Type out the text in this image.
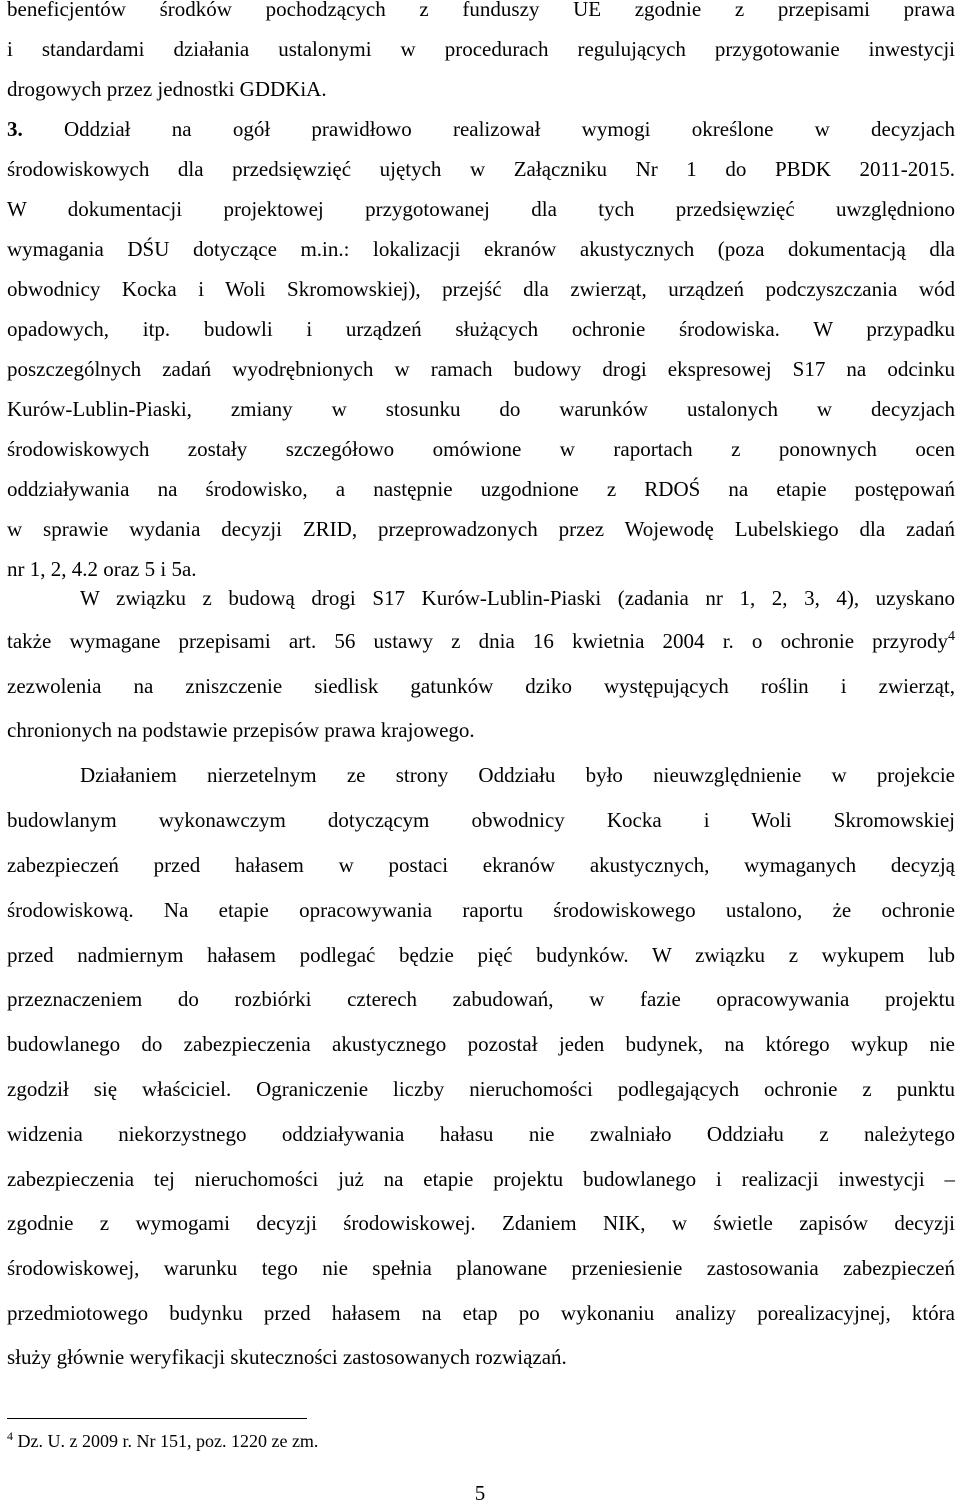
beneficjentów środków pochodzących z funduszy UE zgodnie z przepisami prawa
i standardami działania ustalonymi w procedurach regulujących przygotowanie inwestycji
drogowych przez jednostki GDDKiA.
3. Oddział na ogół prawidłowo realizował wymogi określone w decyzjach
środowiskowych dla przedsięwzięć ujętych w Załączniku Nr 1 do PBDK 2011-2015.
W dokumentacji projektowej przygotowanej dla tych przedsięwzięć uwzględniono
wymagania DŚU dotyczące m.in.: lokalizacji ekranów akustycznych (poza dokumentacją dla
obwodnicy Kocka i Woli Skromowskiej), przejść dla zwierząt, urządzeń podczyszczania wód
opadowych, itp. budowli i urządzeń służących ochronie środowiska. W przypadku
poszczególnych zadań wyodrębnionych w ramach budowy drogi ekspresowej S17 na odcinku
Kurów-Lublin-Piaski, zmiany w stosunku do warunków ustalonych w decyzjach
środowiskowych zostały szczegółowo omówione w raportach z ponownych ocen
oddziaływania na środowisko, a następnie uzgodnione z RDOŚ na etapie postępowań
w sprawie wydania decyzji ZRID, przeprowadzonych przez Wojewodę Lubelskiego dla zadań
nr 1, 2, 4.2 oraz 5 i 5a.
W związku z budową drogi S17 Kurów-Lublin-Piaski (zadania nr 1, 2, 3, 4), uzyskano
także wymagane przepisami art. 56 ustawy z dnia 16 kwietnia 2004 r. o ochronie przyrody$^4$
zezwolenia na zniszczenie siedlisk gatunków dziko występujących roślin i zwierząt,
chronionych na podstawie przepisów prawa krajowego.
Działaniem nierzetelnym ze strony Oddziału było nieuwzględnienie w projekcie
budowlanym wykonawczym dotyczącym obwodnicy Kocka i Woli Skromowskiej
zabezpieczeń przed hałasem w postaci ekranów akustycznych, wymaganych decyzją
środowiskową. Na etapie opracowywania raportu środowiskowego ustalono, że ochronie
przed nadmiernym hałasem podlegać będzie pięć budynków. W związku z wykupem lub
przeznaczeniem do rozbiórki czterech zabudowań, w fazie opracowywania projektu
budowlanego do zabezpieczenia akustycznego pozostał jeden budynek, na którego wykup nie
zgodził się właściciel. Ograniczenie liczby nieruchomości podlegających ochronie z punktu
widzenia niekorzystnego oddziaływania hałasu nie zwalniało Oddziału z należytego
zabezpieczenia tej nieruchomości już na etapie projektu budowlanego i realizacji inwestycji –
zgodnie z wymogami decyzji środowiskowej. Zdaniem NIK, w świetle zapisów decyzji
środowiskowej, warunku tego nie spełnia planowane przeniesienie zastosowania zabezpieczeń
przedmiotowego budynku przed hałasem na etap po wykonaniu analizy porealizacyjnej, która
służy głównie weryfikacji skuteczności zastosowanych rozwiązań.
$^4$ Dz. U. z 2009 r. Nr 151, poz. 1220 ze zm.
5
